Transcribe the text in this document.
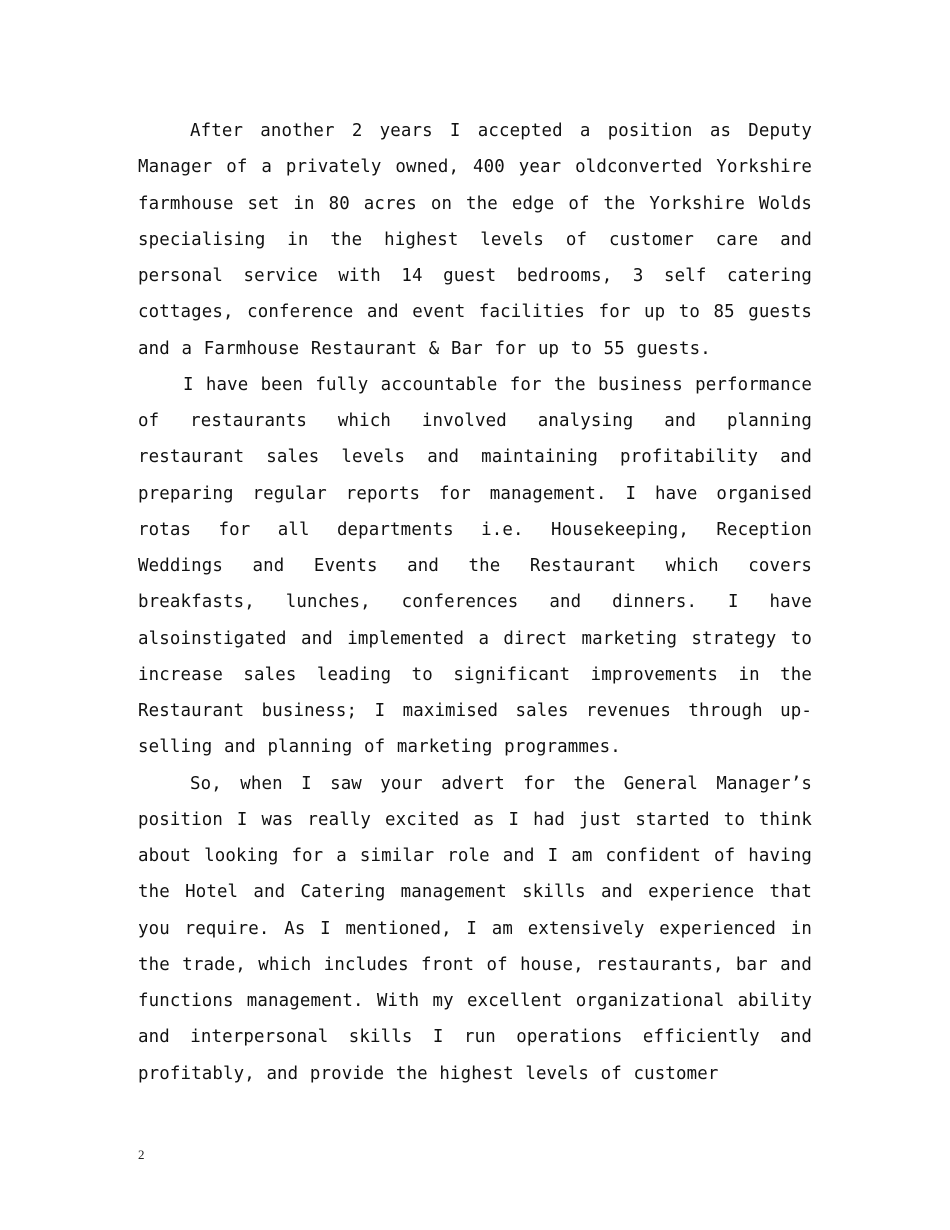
After another 2 years I accepted a position as Deputy Manager of a privately owned, 400 year oldconverted Yorkshire farmhouse set in 80 acres on the edge of the Yorkshire Wolds specialising in the highest levels of customer care and personal service with 14 guest bedrooms, 3 self catering cottages, conference and event facilities for up to 85 guests and a Farmhouse Restaurant & Bar for up to 55 guests.

I have been fully accountable for the business performance of restaurants which involved analysing and planning restaurant sales levels and maintaining profitability and preparing regular reports for management. I have organised rotas for all departments i.e. Housekeeping, Reception Weddings and Events and the Restaurant which covers breakfasts, lunches, conferences and dinners. I have alsoinstigated and implemented a direct marketing strategy to increase sales leading to significant improvements in the Restaurant business; I maximised sales revenues through up-selling and planning of marketing programmes.

So, when I saw your advert for the General Manager’s position I was really excited as I had just started to think about looking for a similar role and I am confident of having the Hotel and Catering management skills and experience that you require. As I mentioned, I am extensively experienced in the trade, which includes front of house, restaurants, bar and functions management. With my excellent organizational ability and interpersonal skills I run operations efficiently and profitably, and provide the highest levels of customer

2
